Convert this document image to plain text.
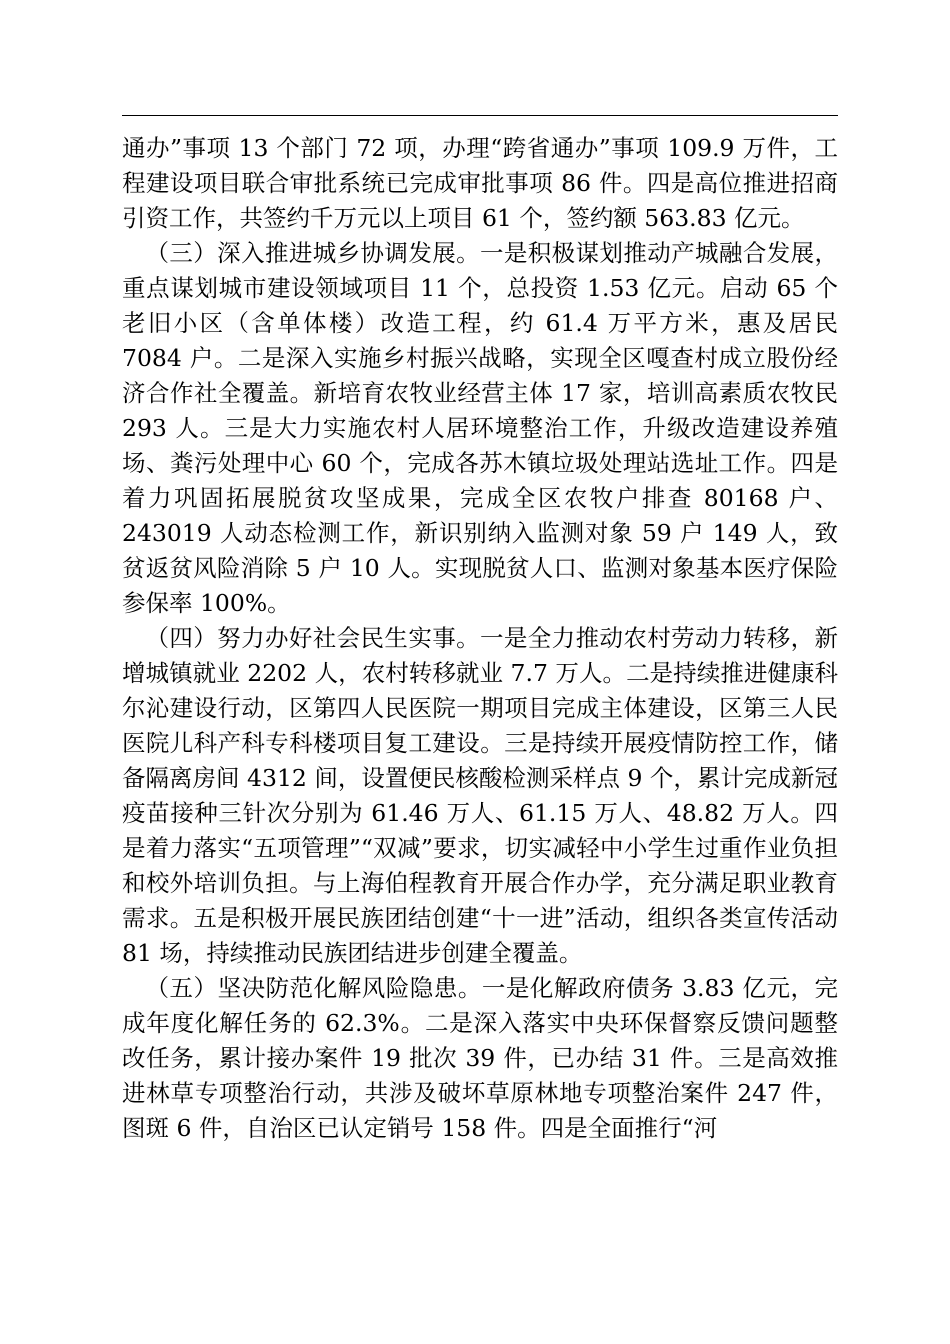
通办”事项 13 个部门 72 项，办理“跨省通办”事项 109.9 万件，工程建设项目联合审批系统已完成审批事项 86 件。四是高位推进招商引资工作，共签约千万元以上项目 61 个，签约额 563.83 亿元。

（三）深入推进城乡协调发展。一是积极谋划推动产城融合发展，重点谋划城市建设领域项目 11 个，总投资 1.53 亿元。启动 65 个老旧小区（含单体楼）改造工程，约 61.4 万平方米，惠及居民 7084 户。二是深入实施乡村振兴战略，实现全区嘎查村成立股份经济合作社全覆盖。新培育农牧业经营主体 17 家，培训高素质农牧民 293 人。三是大力实施农村人居环境整治工作，升级改造建设养殖场、粪污处理中心 60 个，完成各苏木镇垃圾处理站选址工作。四是着力巩固拓展脱贫攻坚成果，完成全区农牧户排查 80168 户、243019 人动态检测工作，新识别纳入监测对象 59 户 149 人，致贫返贫风险消除 5 户 10 人。实现脱贫人口、监测对象基本医疗保险参保率 100%。

（四）努力办好社会民生实事。一是全力推动农村劳动力转移，新增城镇就业 2202 人，农村转移就业 7.7 万人。二是持续推进健康科尔沁建设行动，区第四人民医院一期项目完成主体建设，区第三人民医院儿科产科专科楼项目复工建设。三是持续开展疫情防控工作，储备隔离房间 4312 间，设置便民核酸检测采样点 9 个，累计完成新冠疫苗接种三针次分别为 61.46 万人、61.15 万人、48.82 万人。四是着力落实“五项管理”“双减”要求，切实减轻中小学生过重作业负担和校外培训负担。与上海伯程教育开展合作办学，充分满足职业教育需求。五是积极开展民族团结创建“十一进”活动，组织各类宣传活动 81 场，持续推动民族团结进步创建全覆盖。

（五）坚决防范化解风险隐患。一是化解政府债务 3.83 亿元，完成年度化解任务的 62.3%。二是深入落实中央环保督察反馈问题整改任务，累计接办案件 19 批次 39 件，已办结 31 件。三是高效推进林草专项整治行动，共涉及破坏草原林地专项整治案件 247 件，图斑 6 件，自治区已认定销号 158 件。四是全面推行“河
